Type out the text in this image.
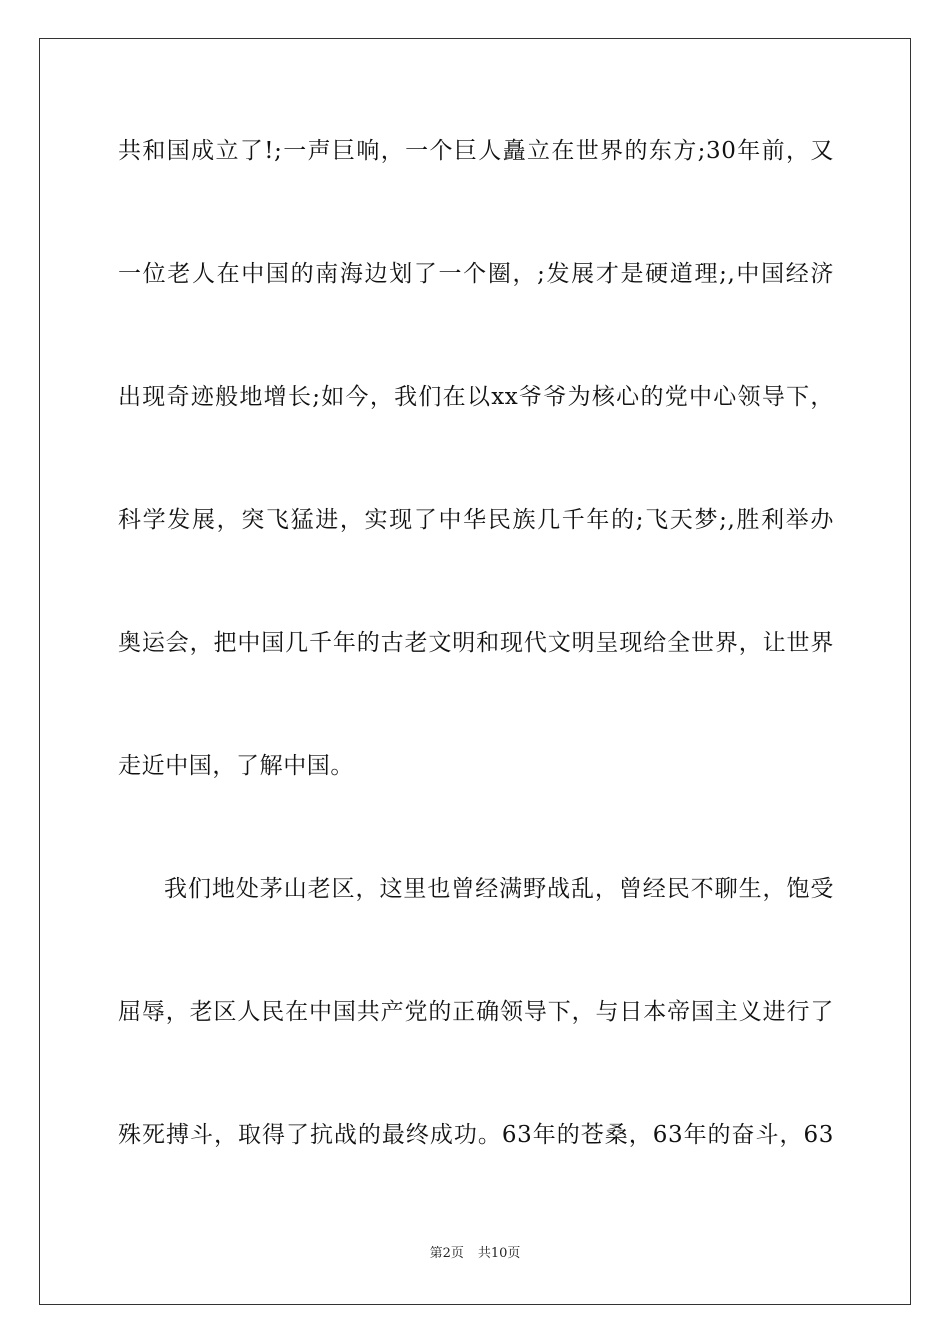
共和国成立了!;一声巨响，一个巨人矗立在世界的东方;30年前，又
一位老人在中国的南海边划了一个圈，;发展才是硬道理;,中国经济
出现奇迹般地增长;如今，我们在以xx爷爷为核心的党中心领导下，
科学发展，突飞猛进，实现了中华民族几千年的;飞天梦;,胜利举办
奥运会，把中国几千年的古老文明和现代文明呈现给全世界，让世界
走近中国，了解中国。
我们地处茅山老区，这里也曾经满野战乱，曾经民不聊生，饱受
屈辱，老区人民在中国共产党的正确领导下，与日本帝国主义进行了
殊死搏斗，取得了抗战的最终成功。63年的苍桑，63年的奋斗，63
第2页 共10页
